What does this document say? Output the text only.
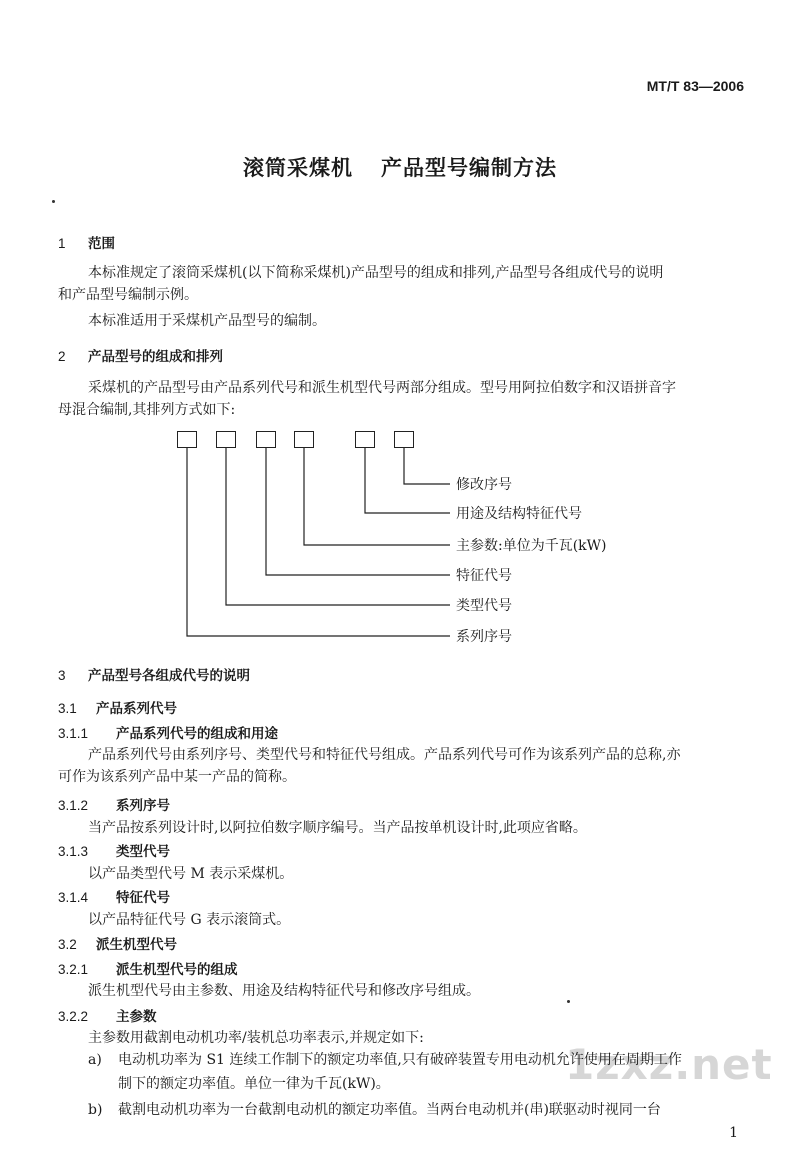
MT/T 83—2006
滚筒采煤机 产品型号编制方法
1 范围
本标准规定了滚筒采煤机(以下简称采煤机)产品型号的组成和排列,产品型号各组成代号的说明
和产品型号编制示例。
本标准适用于采煤机产品型号的编制。
2 产品型号的组成和排列
采煤机的产品型号由产品系列代号和派生机型代号两部分组成。型号用阿拉伯数字和汉语拼音字
母混合编制,其排列方式如下:
修改序号
用途及结构特征代号
主参数:单位为千瓦(kW)
特征代号
类型代号
系列序号
3 产品型号各组成代号的说明
3.1 产品系列代号
3.1.1 产品系列代号的组成和用途
产品系列代号由系列序号、类型代号和特征代号组成。产品系列代号可作为该系列产品的总称,亦
可作为该系列产品中某一产品的简称。
3.1.2 系列序号
当产品按系列设计时,以阿拉伯数字顺序编号。当产品按单机设计时,此项应省略。
3.1.3 类型代号
以产品类型代号 M 表示采煤机。
3.1.4 特征代号
以产品特征代号 G 表示滚筒式。
3.2 派生机型代号
3.2.1 派生机型代号的组成
派生机型代号由主参数、用途及结构特征代号和修改序号组成。
3.2.2 主参数
主参数用截割电动机功率/装机总功率表示,并规定如下:
1zxz.net
a) 电动机功率为 S1 连续工作制下的额定功率值,只有破碎装置专用电动机允许使用在周期工作
制下的额定功率值。单位一律为千瓦(kW)。
b) 截割电动机功率为一台截割电动机的额定功率值。当两台电动机并(串)联驱动时视同一台
1
